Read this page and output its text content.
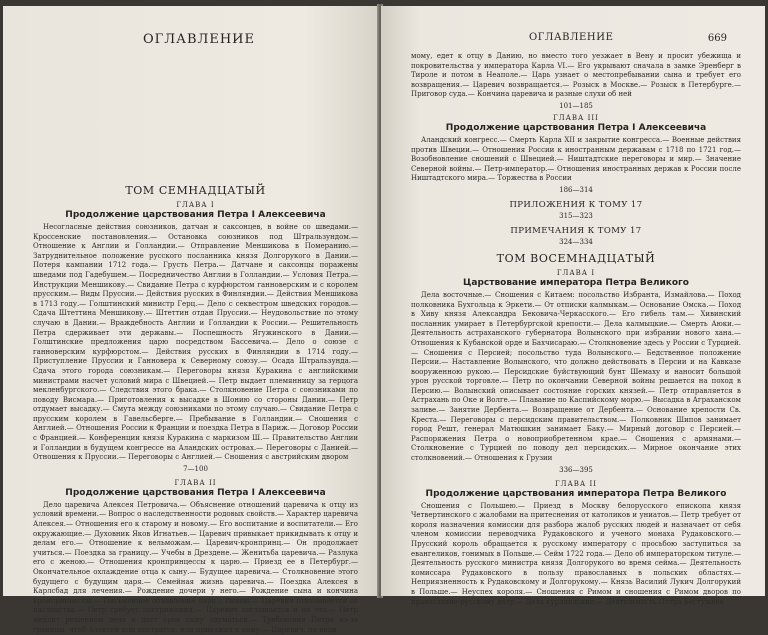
ОГЛАВЛЕНИЕ

ТОМ СЕМНАДЦАТЫЙ

ГЛАВА I

Продолжение царствования Петра I Алексеевича

Несогласные действия союзников, датчан и саксонцев, в войне со шведами.— Кроссенские постановления.— Остановка союзников под Штральзундом.— Отношение к Англии и Голландии.— Отправление Меншикова в Померанию.— Затруднительное положение русского посланника князя Долгорукого в Дании.— Потеря кампании 1712 года.— Грусть Петра.— Датчане и саксонцы поражены шведами под Гадебушем.— Посредничество Англии в Голландии.— Условия Петра.— Инструкции Меншикову.— Свидание Петра с курфюрстом ганноверским и с королем прусским.— Виды Пруссии.— Действия русских в Финляндии.— Действия Меншикова в 1713 году.— Голштинский министр Герц.— Дело с секвестром шведских городов.— Сдача Штеттина Меншикову.— Штеттин отдан Пруссии.— Неудовольствие по этому случаю в Дании.— Враждебность Англии и Голландии к России.— Решительность Петра сдерживает эти державы.— Поспешность Ягужинского в Дании.— Голштинские предложения царю посредством Бассевича.— Дело о союзе с ганноверским курфюрстом.— Действия русских в Финляндии в 1714 году.— Приступление Пруссии и Ганновера к Северному союзу.— Осада Штральзунда.— Сдача этого города союзникам.— Переговоры князя Куракина с английскими министрами насчет условий мира с Швецией.— Петр выдает племянницу за герцога мекленбургского.— Следствия этого брака.— Столкновение Петра с союзниками по поводу Висмара.— Приготовления к высадке в Шонию со стороны Дании.— Петр отдумает высадку.— Смута между союзниками по этому случаю.— Свидание Петра с прусским королем в Гавельсберге.— Пребывание в Голландии.— Сношения с Англией.— Отношения России к Франции и поездка Петра в Париж.— Договор России с Францией.— Конференции князя Куракина с маркизом Ш.— Правительство Англии и Голландии в будущем конгрессе на Аландских островах.— Переговоры с Данией.— Отношения к Пруссии.— Переговоры с Англией.— Сношения с австрийским двором

7—100

ГЛАВА II

Продолжение царствования Петра I Алексеевича

Дело царевича Алексея Петровича.— Объяснение отношений царевича к отцу из условий времени.— Вопрос о наследственности родовых свойств.— Характер царевича Алексея.— Отношения его к старому и новому.— Его воспитание и воспитатели.— Его окружающие.— Духовник Яков Игнатьев.— Царевич привыкает прикидывать к отцу и делам его.— Отношение к вельможам.— Царевич-кронпринц.— Он продолжает учиться.— Поездка за границу.— Учебы в Дрездене.— Женитьба царевича.— Разлука его с женою.— Отношения кронпринцессы к царю.— Приезд ее в Петербург.— Окончательное охлаждение отца к сыну.— Будущее царевича.— Столкновение этого будущего с будущим царя.— Семейная жизнь царевича.— Поездка Алексея в Карлсбад для лечения.— Рождение дочери у него.— Рождение сына и кончина кронпринцессы.— Письменное объявление царя с сыном.— Царевич отказывается от наследства.— Петр требует пострижения.— Царевич соглашается и на это.— Петр медлит решением дела и дает срок сыну одуматься.— Требование Петра из-за границы, чтоб Алексей или постригся, или приезжал к нему.— Царевич, по-види

ОГЛАВЛЕНИЕ	669

мому, едет к отцу в Данию, но вместо того уезжает в Вену и просит убежища и покровительства у императора Карла VI.— Его укрывают сначала в замке Эренберг в Тироле и потом в Неаполе.— Царь узнает о местопребывании сына и требует его возвращения.— Царевич возвращается.— Розыск в Москве.— Розыск в Петербурге.— Приговор суда.— Кончина царевича и разные слухи об ней

101—185

ГЛАВА III

Продолжение царствования Петра I Алексеевича

Аландский конгресс.— Смерть Карла XII и закрытие конгресса.— Военные действия против Швеции.— Отношения России к иностранным державам с 1718 по 1721 год.— Возобновление сношений с Швецией.— Ништадтские переговоры и мир.— Значение Северной войны.— Петр-император.— Отношения иностранных держав к России после Ништадтского мира.— Торжества в России

186—314

ПРИЛОЖЕНИЯ К ТОМУ 17

315—323

ПРИМЕЧАНИЯ К ТОМУ 17

324—334

ТОМ ВОСЕМНАДЦАТЫЙ

ГЛАВА I

Царствование императора Петра Великого

Дела восточные.— Сношения с Китаем: посольство Избранта, Измайлова.— Поход полковника Бухгольца к Эркети.— От отписки калмыкам.— Основание Омска.— Поход в Хиву князя Александра Бековича-Черкасского.— Его гибель там.— Хивинский посланник умирает в Петербургской крепости.— Дела калмыцкие.— Смерть Аюки.— Деятельность астраханского губернатора Волынского при избрании нового хана.— Отношения к Кубанской орде и Бахчисараю.— Столкновение здесь у России с Турцией.— Сношения с Персией; посольство туда Волынского.— Бедственное положение Персии.— Наставление Волынского, что должно действовать в Персии и на Кавказе вооруженною рукою.— Персидские буйствующий бунт Шемаху и наносит большой урон русской торговле.— Петр по окончании Северной войны решается на поход в Персию.— Волынский описывает состояние горских князей.— Петр отправляется в Астрахань по Оке и Волге.— Плавание по Каспийскому морю.— Высадка в Аграханском заливе.— Занятие Дербента.— Возвращение от Дербента.— Основание крепости Св. Креста.— Переговоры с персидским правительством.— Полковник Шипов занимает город Решт, генерал Матюшкин занимает Баку.— Мирный договор с Персией.— Распоряжения Петра о новоприобретенном крае.— Сношения с армянами.— Столкновение с Турцией по поводу дел персидских.— Мирное окончание этих столкновений.— Отношения к Грузии

336—395

ГЛАВА II

Продолжение царствования императора Петра Великого

Сношения с Польшею.— Приезд в Москву белорусского епископа князя Четвертинского с жалобами на притеснения от католиков и униатов.— Петр требует от короля назначения комиссии для разбора жалоб русских людей и назначает от себя членом комиссии переводчика Рудаковского и ученого монаха Рудаковского.— Прусский король обращается к русскому императору с просьбою заступиться за евангеликов, гонимых в Польше.— Сейм 1722 года.— Дело об императорском титуле.— Деятельность русского министра князя Долгорукого во время сейма.— Деятельность комиссара Рудаковского в пользу православных в польских областях.— Неприязненность к Рудаковскому и Долгорукому.— Князь Василий Лукич Долгорукий в Польше.— Неуспех короля.— Сношения с Римом и сношения с Римом дворов по православно-русскому делу.— Дела курляндские.— Деятельность Петра Бестужева
